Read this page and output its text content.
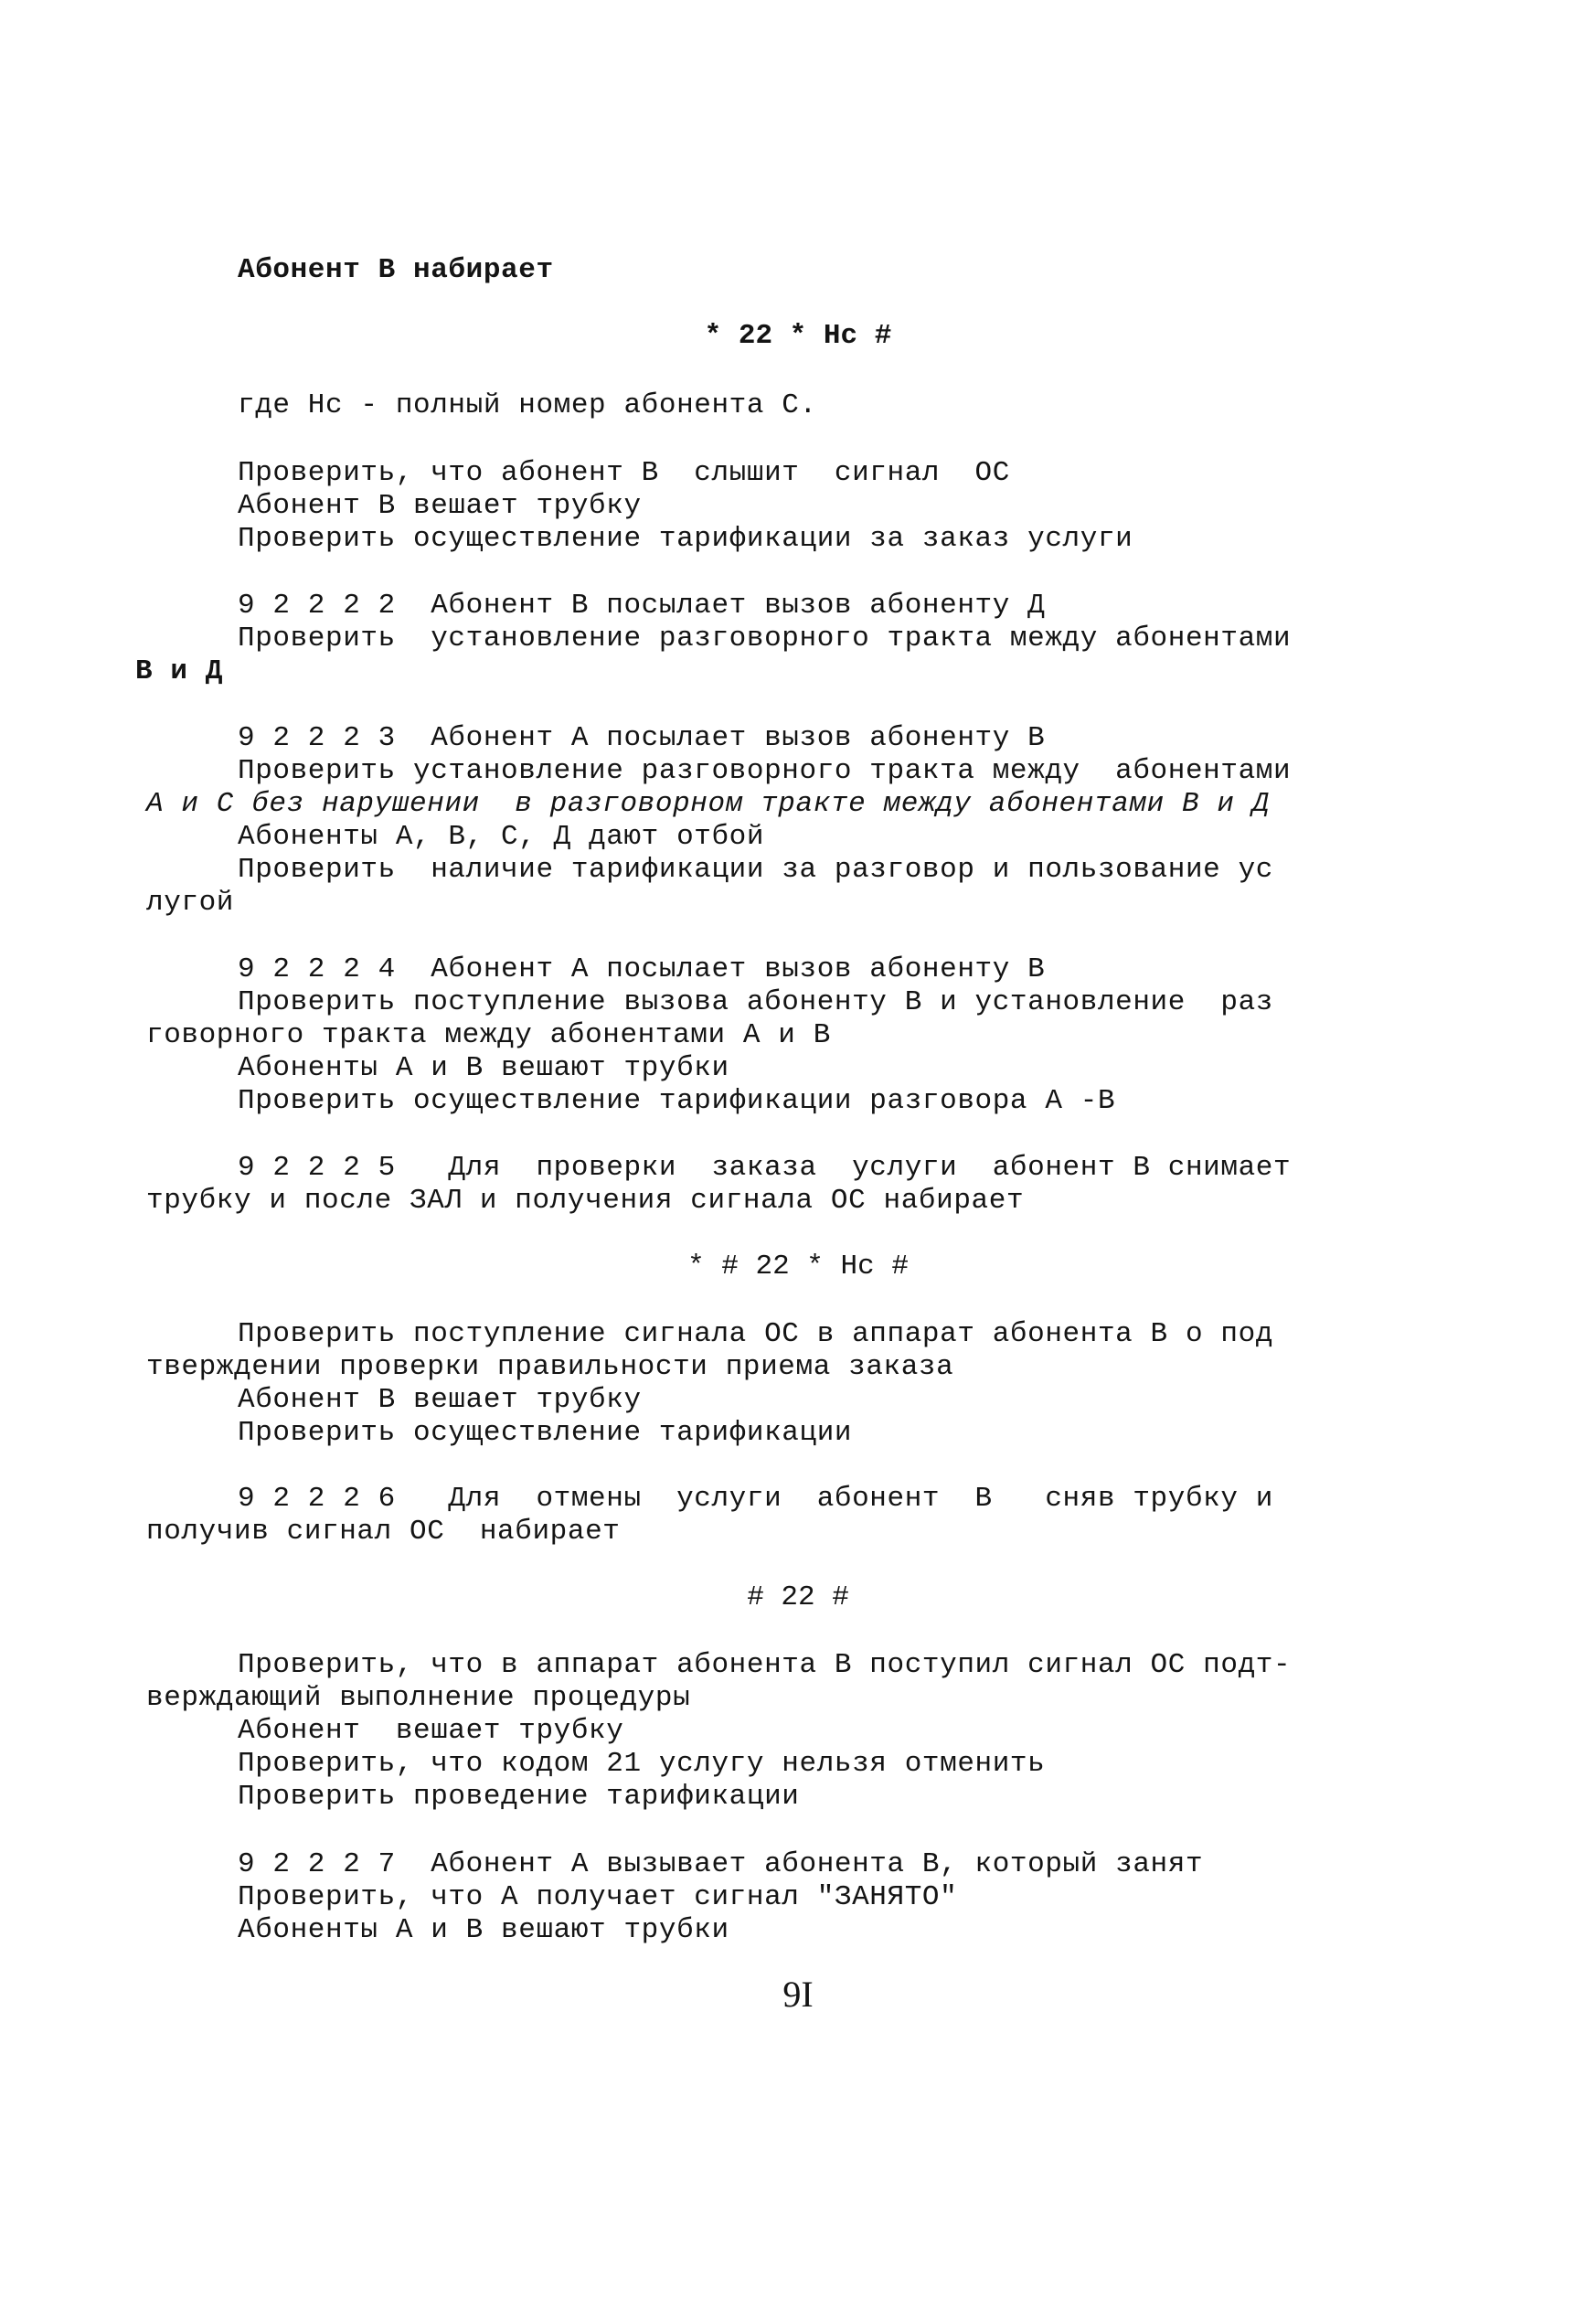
Абонент В набирает
* 22 * Нс #
где Нс - полный номер абонента С.
Проверить, что абонент В  слышит  сигнал  ОС
Абонент В вешает трубку
Проверить осуществление тарификации за заказ услуги
9 2 2 2 2  Абонент В посылает вызов абоненту Д
Проверить  установление разговорного тракта между абонентами
В и Д
9 2 2 2 3  Абонент А посылает вызов абоненту В
Проверить установление разговорного тракта между  абонентами
А и С без нарушении  в разговорном тракте между абонентами В и Д
Абоненты А, В, С, Д дают отбой
Проверить  наличие тарификации за разговор и пользование ус
лугой
9 2 2 2 4  Абонент А посылает вызов абоненту В
Проверить поступление вызова абоненту В и установление  раз
говорного тракта между абонентами А и В
Абоненты А и В вешают трубки
Проверить осуществление тарификации разговора А -В
9 2 2 2 5   Для  проверки  заказа  услуги  абонент В снимает
трубку и после ЗАЛ и получения сигнала ОС набирает
* # 22 * Нс #
Проверить поступление сигнала ОС в аппарат абонента В о под
тверждении проверки правильности приема заказа
Абонент В вешает трубку
Проверить осуществление тарификации
9 2 2 2 6   Для  отмены  услуги  абонент  В   сняв трубку и
получив сигнал ОС  набирает
# 22 #
Проверить, что в аппарат абонента В поступил сигнал ОС подт-
верждающий выполнение процедуры
Абонент  вешает трубку
Проверить, что кодом 21 услугу нельзя отменить
Проверить проведение тарификации
9 2 2 2 7  Абонент А вызывает абонента В, который занят
Проверить, что А получает сигнал "ЗАНЯТО"
Абоненты А и В вешают трубки
9I
